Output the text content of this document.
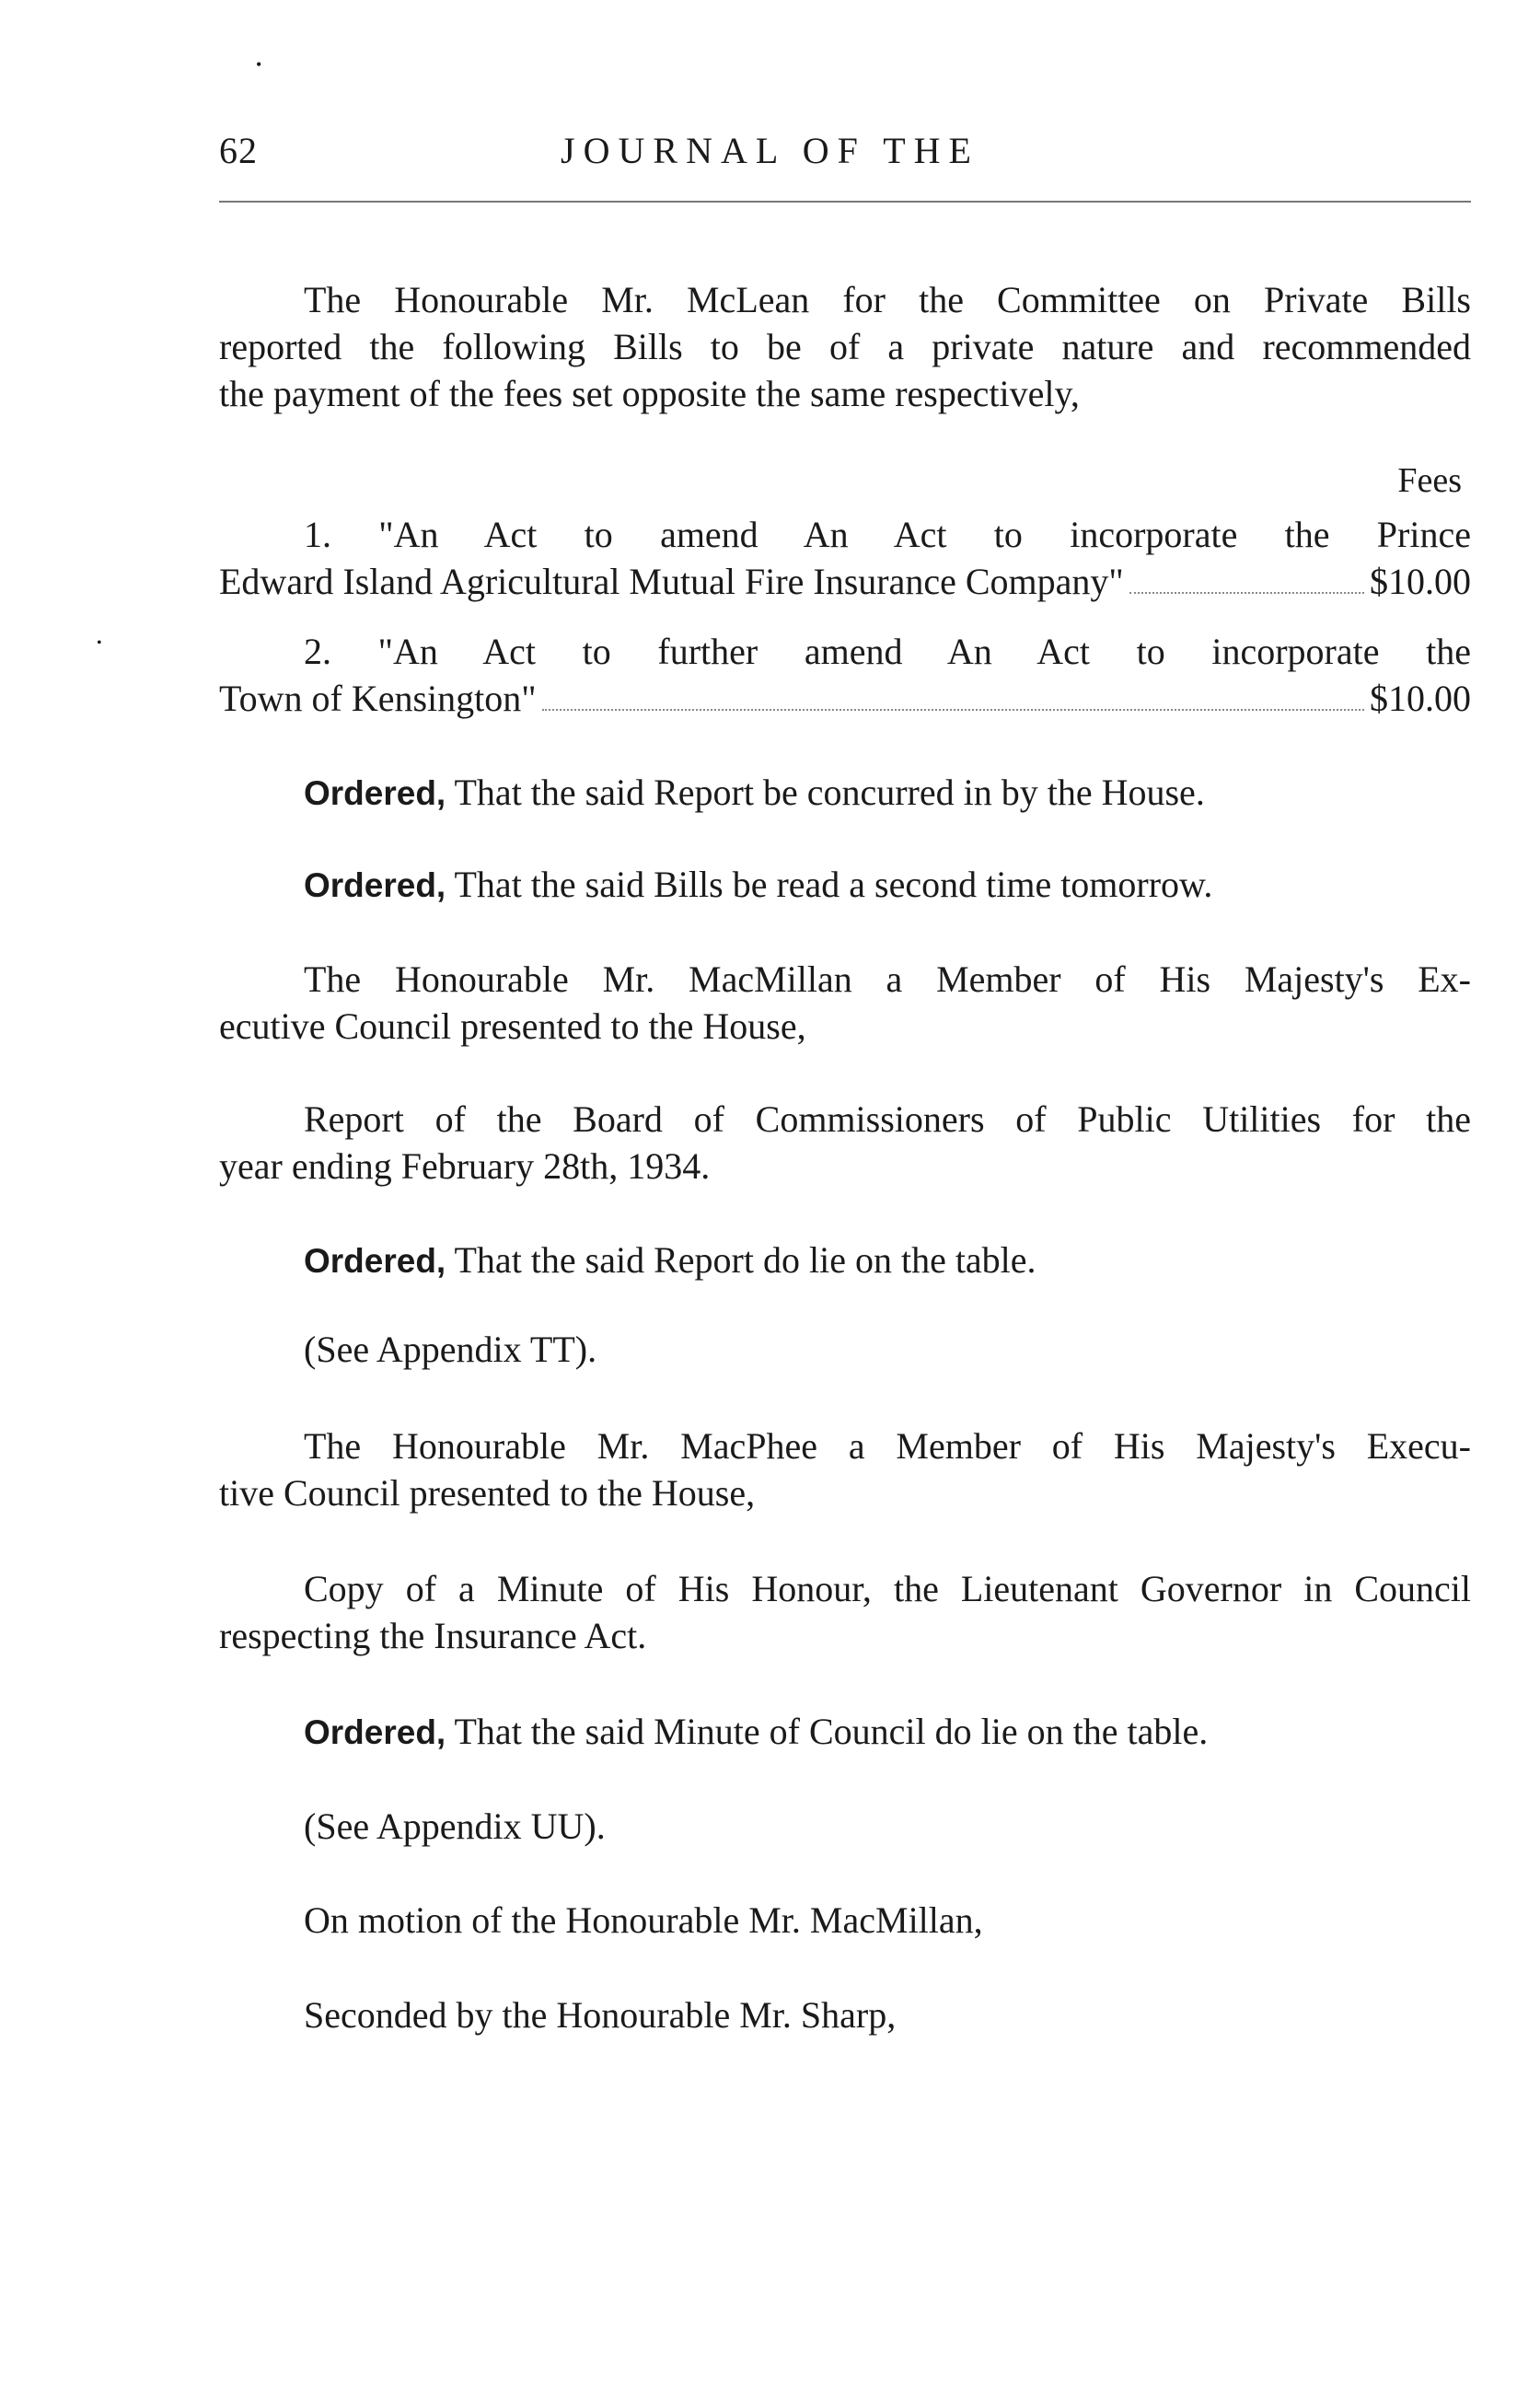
•
•
JOURNAL OF THE
62
The Honourable Mr. McLean for the Committee on Private Bills
reported the following Bills to be of a private nature and recommended
the payment of the fees set opposite the same respectively,
Fees
1. "An Act to amend An Act to incorporate the Prince
Edward Island Agricultural Mutual Fire Insurance Company"	$10.00
2. "An Act to further amend An Act to incorporate the
Town of Kensington"	$10.00
Ordered, That the said Report be concurred in by the House.
Ordered, That the said Bills be read a second time tomorrow.
The Honourable Mr. MacMillan a Member of His Majesty's Ex-
ecutive Council presented to the House,
Report of the Board of Commissioners of Public Utilities for the
year ending February 28th, 1934.
Ordered, That the said Report do lie on the table.
(See Appendix TT).
The Honourable Mr. MacPhee a Member of His Majesty's Execu-
tive Council presented to the House,
Copy of a Minute of His Honour, the Lieutenant Governor in Council
respecting the Insurance Act.
Ordered, That the said Minute of Council do lie on the table.
(See Appendix UU).
On motion of the Honourable Mr. MacMillan,
Seconded by the Honourable Mr. Sharp,
